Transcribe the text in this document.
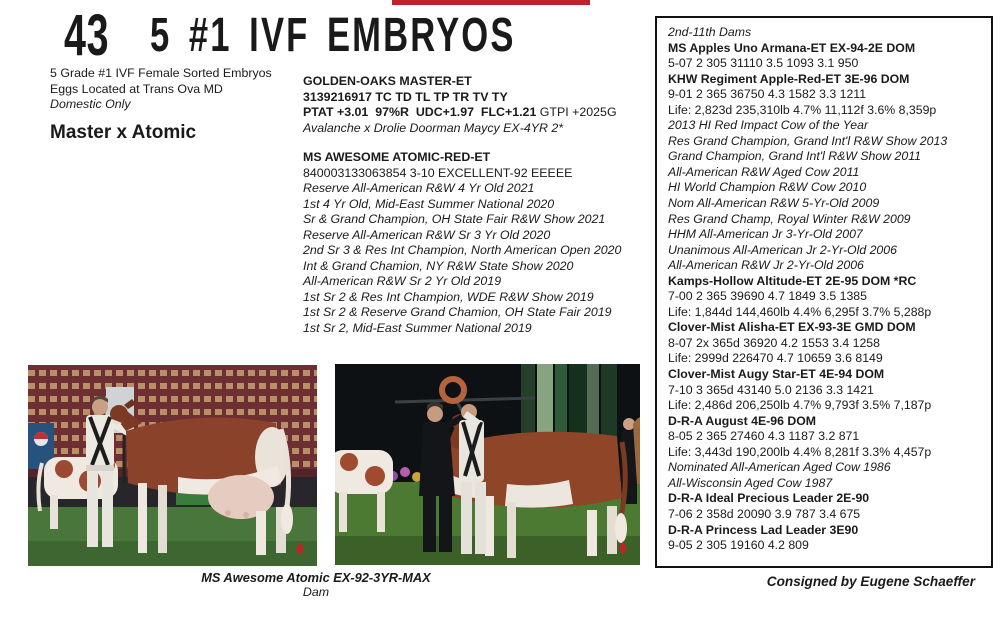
43 5 #1 IVF EMBRYOS
5 Grade #1 IVF Female Sorted Embryos
Eggs Located at Trans Ova MD
Domestic Only
Master x Atomic
GOLDEN-OAKS MASTER-ET
3139216917 TC TD TL TP TR TV TY
PTAT +3.01  97%R  UDC+1.97  FLC+1.21 GTPI +2025G
Avalanche x Drolie Doorman Maycy EX-4YR 2*
MS AWESOME ATOMIC-RED-ET
840003133063854 3-10 EXCELLENT-92 EEEEE
Reserve All-American R&W 4 Yr Old 2021
1st 4 Yr Old, Mid-East Summer National 2020
Sr & Grand Champion, OH State Fair R&W Show 2021
Reserve All-American R&W Sr 3 Yr Old 2020
2nd Sr 3 & Res Int Champion, North American Open 2020
Int & Grand Chamion, NY R&W State Show 2020
All-American R&W Sr 2 Yr Old 2019
1st Sr 2 & Res Int Champion, WDE R&W Show 2019
1st Sr 2 & Reserve Grand Chamion, OH State Fair 2019
1st Sr 2, Mid-East Summer National 2019
2nd-11th Dams
MS Apples Uno Armana-ET EX-94-2E DOM
5-07 2 305 31110 3.5 1093 3.1 950
KHW Regiment Apple-Red-ET 3E-96 DOM
9-01 2 365 36750 4.3 1582 3.3 1211
Life: 2,823d 235,310lb 4.7% 11,112f 3.6% 8,359p
2013 HI Red Impact Cow of the Year
Res Grand Champion, Grand Int'l R&W Show 2013
Grand Champion, Grand Int'l R&W Show 2011
All-American R&W Aged Cow 2011
HI World Champion R&W Cow 2010
Nom All-American R&W 5-Yr-Old 2009
Res Grand Champ, Royal Winter R&W 2009
HHM All-American Jr 3-Yr-Old 2007
Unanimous All-American Jr 2-Yr-Old 2006
All-American R&W Jr 2-Yr-Old 2006
Kamps-Hollow Altitude-ET 2E-95 DOM *RC
7-00 2 365 39690 4.7 1849 3.5 1385
Life: 1,844d 144,460lb 4.4% 6,295f 3.7% 5,288p
Clover-Mist Alisha-ET EX-93-3E GMD DOM
8-07 2x 365d 36920 4.2 1553 3.4 1258
Life: 2999d 226470 4.7 10659 3.6 8149
Clover-Mist Augy Star-ET 4E-94 DOM
7-10 3 365d 43140 5.0 2136 3.3 1421
Life: 2,486d 206,250lb 4.7% 9,793f 3.5% 7,187p
D-R-A August 4E-96 DOM
8-05 2 365 27460 4.3 1187 3.2 871
Life: 3,443d 190,200lb 4.4% 8,281f 3.3% 4,457p
Nominated All-American Aged Cow 1986
All-Wisconsin Aged Cow 1987
D-R-A Ideal Precious Leader 2E-90
7-06 2 358d 20090 3.9 787 3.4 675
D-R-A Princess Lad Leader 3E90
9-05 2 305 19160 4.2 809
MS Awesome Atomic EX-92-3YR-MAX
Dam
Consigned by Eugene Schaeffer
